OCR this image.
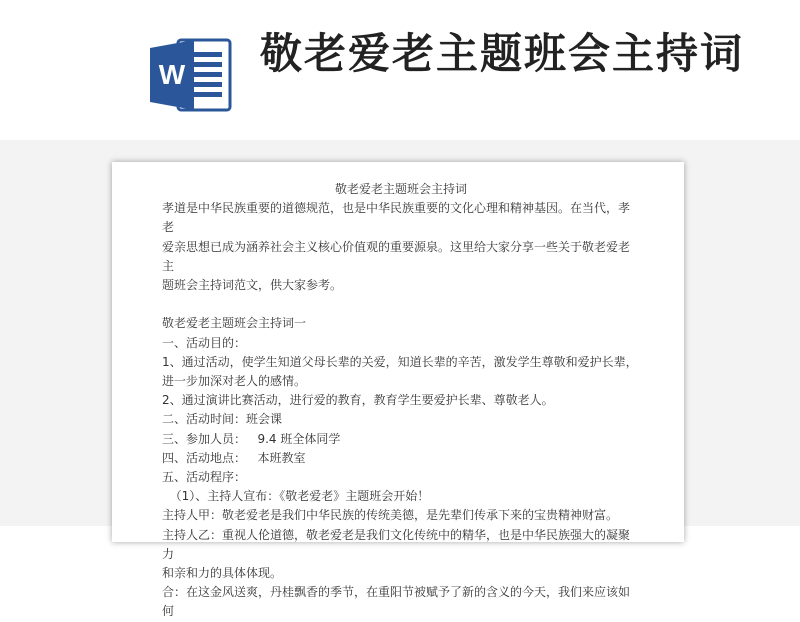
W 敬老爱老主题班会主持词

敬老爱老主题班会主持词

孝道是中华民族重要的道德规范，也是中华民族重要的文化心理和精神基因。在当代，孝老

爱亲思想已成为涵养社会主义核心价值观的重要源泉。这里给大家分享一些关于敬老爱老主

题班会主持词范文，供大家参考。

敬老爱老主题班会主持词一

一、活动目的：

1、通过活动，使学生知道父母长辈的关爱，知道长辈的辛苦，激发学生尊敬和爱护长辈，

进一步加深对老人的感情。

2、通过演讲比赛活动，进行爱的教育，教育学生要爱护长辈、尊敬老人。

二、活动时间：班会课

三、参加人员：   9.4 班全体同学

四、活动地点：   本班教室

五、活动程序：

（1）、主持人宣布：《敬老爱老》主题班会开始！

主持人甲：敬老爱老是我们中华民族的传统美德，是先辈们传承下来的宝贵精神财富。

主持人乙：重视人伦道德，敬老爱老是我们文化传统中的精华，也是中华民族强大的凝聚力

和亲和力的具体体现。

合：在这金风送爽，丹桂飘香的季节，在重阳节被赋予了新的含义的今天，我们来应该如何
